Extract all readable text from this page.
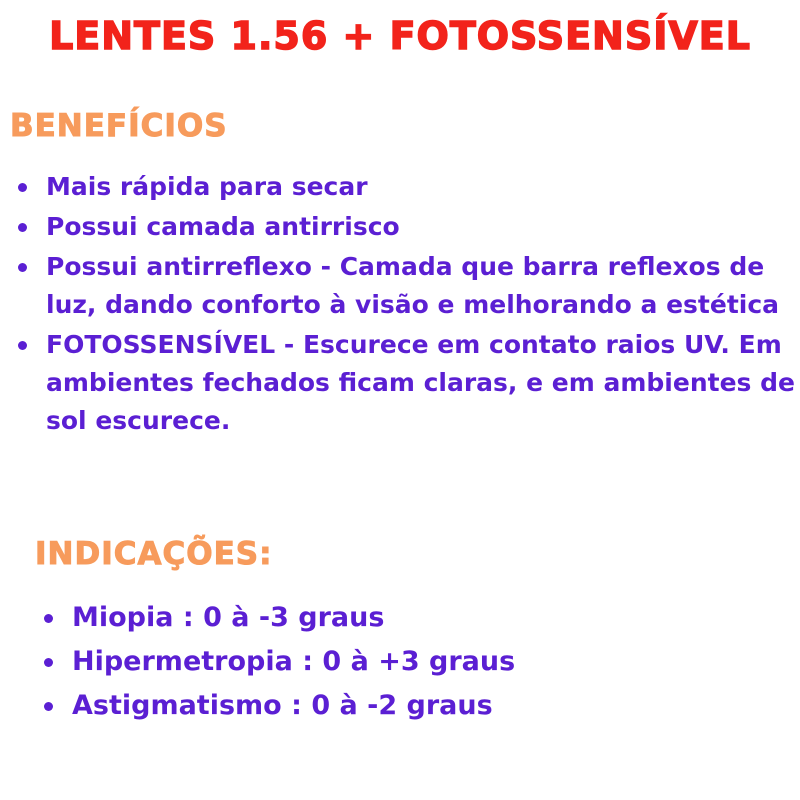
LENTES 1.56 + FOTOSSENSÍVEL
BENEFÍCIOS
Mais rápida para secar
Possui camada antirrisco
Possui antirreflexo - Camada que barra reflexos de luz, dando conforto à visão e melhorando a estética
FOTOSSENSÍVEL - Escurece em contato raios UV. Em ambientes fechados ficam claras, e em ambientes de sol escurece.
INDICAÇÕES:
Miopia : 0 à -3 graus
Hipermetropia : 0 à +3 graus
Astigmatismo : 0 à -2 graus
